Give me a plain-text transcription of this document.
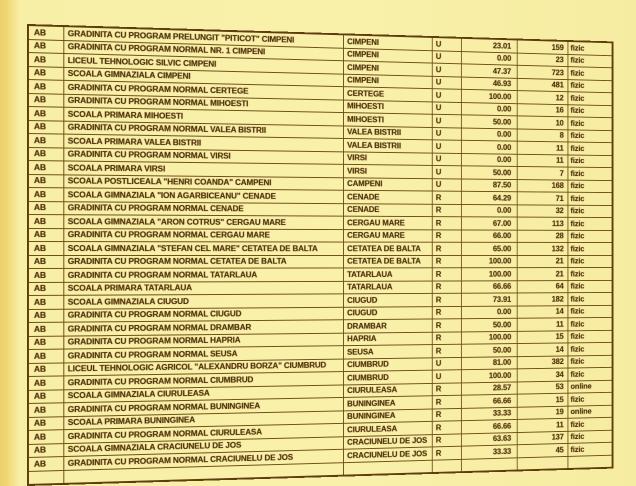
AB	GRADINITA CU PROGRAM PRELUNGIT "PITICOT" CIMPENI	CIMPENI	U	23.01	159	fizic
AB	GRADINITA CU PROGRAM NORMAL NR. 1 CIMPENI	CIMPENI	U	0.00	23	fizic
AB	LICEUL TEHNOLOGIC SILVIC CIMPENI	CIMPENI	U	47.37	723	fizic
AB	SCOALA GIMNAZIALA CIMPENI	CIMPENI	U	46.93	481	fizic
AB	GRADINITA CU PROGRAM NORMAL CERTEGE	CERTEGE	U	100.00	12	fizic
AB	GRADINITA CU PROGRAM NORMAL MIHOESTI	MIHOESTI	U	0.00	16	fizic
AB	SCOALA PRIMARA MIHOESTI	MIHOESTI	U	50.00	10	fizic
AB	GRADINITA CU PROGRAM NORMAL VALEA BISTRII	VALEA BISTRII	U	0.00	8	fizic
AB	SCOALA PRIMARA VALEA BISTRII	VALEA BISTRII	U	0.00	11	fizic
AB	GRADINITA CU PROGRAM NORMAL VIRSI	VIRSI	U	0.00	11	fizic
AB	SCOALA PRIMARA VIRSI	VIRSI	U	50.00	7	fizic
AB	SCOALA POSTLICEALA "HENRI COANDA" CAMPENI	CAMPENI	U	87.50	168	fizic
AB	SCOALA GIMNAZIALA "ION AGARBICEANU" CENADE	CENADE	R	64.29	71	fizic
AB	GRADINITA CU PROGRAM NORMAL CENADE	CENADE	R	0.00	32	fizic
AB	SCOALA GIMNAZIALA "ARON COTRUS" CERGAU MARE	CERGAU MARE	R	67.00	113	fizic
AB	GRADINITA CU PROGRAM NORMAL CERGAU MARE	CERGAU MARE	R	66.00	28	fizic
AB	SCOALA GIMNAZIALA "STEFAN CEL MARE" CETATEA DE BALTA	CETATEA DE BALTA	R	65.00	132	fizic
AB	GRADINITA CU PROGRAM NORMAL CETATEA DE BALTA	CETATEA DE BALTA	R	100.00	21	fizic
AB	GRADINITA CU PROGRAM NORMAL TATARLAUA	TATARLAUA	R	100.00	21	fizic
AB	SCOALA PRIMARA TATARLAUA	TATARLAUA	R	66.66	64	fizic
AB	SCOALA GIMNAZIALA CIUGUD	CIUGUD	R	73.91	182	fizic
AB	GRADINITA CU PROGRAM NORMAL CIUGUD	CIUGUD	R	0.00	14	fizic
AB	GRADINITA CU PROGRAM NORMAL DRAMBAR	DRAMBAR	R	50.00	11	fizic
AB	GRADINITA CU PROGRAM NORMAL HAPRIA	HAPRIA	R	100.00	15	fizic
AB	GRADINITA CU PROGRAM NORMAL SEUSA	SEUSA	R	50.00	14	fizic
AB	LICEUL TEHNOLOGIC AGRICOL "ALEXANDRU BORZA" CIUMBRUD	CIUMBRUD	U	81.00	382	fizic
AB	GRADINITA CU PROGRAM NORMAL CIUMBRUD	CIUMBRUD	U	100.00	34	fizic
AB	SCOALA GIMNAZIALA CIURULEASA	CIURULEASA	R	28.57	53	online
AB	GRADINITA CU PROGRAM NORMAL BUNINGINEA	BUNINGINEA	R	66.66	15	fizic
AB	SCOALA PRIMARA BUNINGINEA	BUNINGINEA	R	33.33	19	online
AB	GRADINITA CU PROGRAM NORMAL CIURULEASA	CIURULEASA	R	66.66	11	fizic
AB	SCOALA GIMNAZIALA CRACIUNELU DE JOS	CRACIUNELU DE JOS	R	63.63	137	fizic
AB	GRADINITA CU PROGRAM NORMAL CRACIUNELU DE JOS	CRACIUNELU DE JOS	R	33.33	45	fizic
